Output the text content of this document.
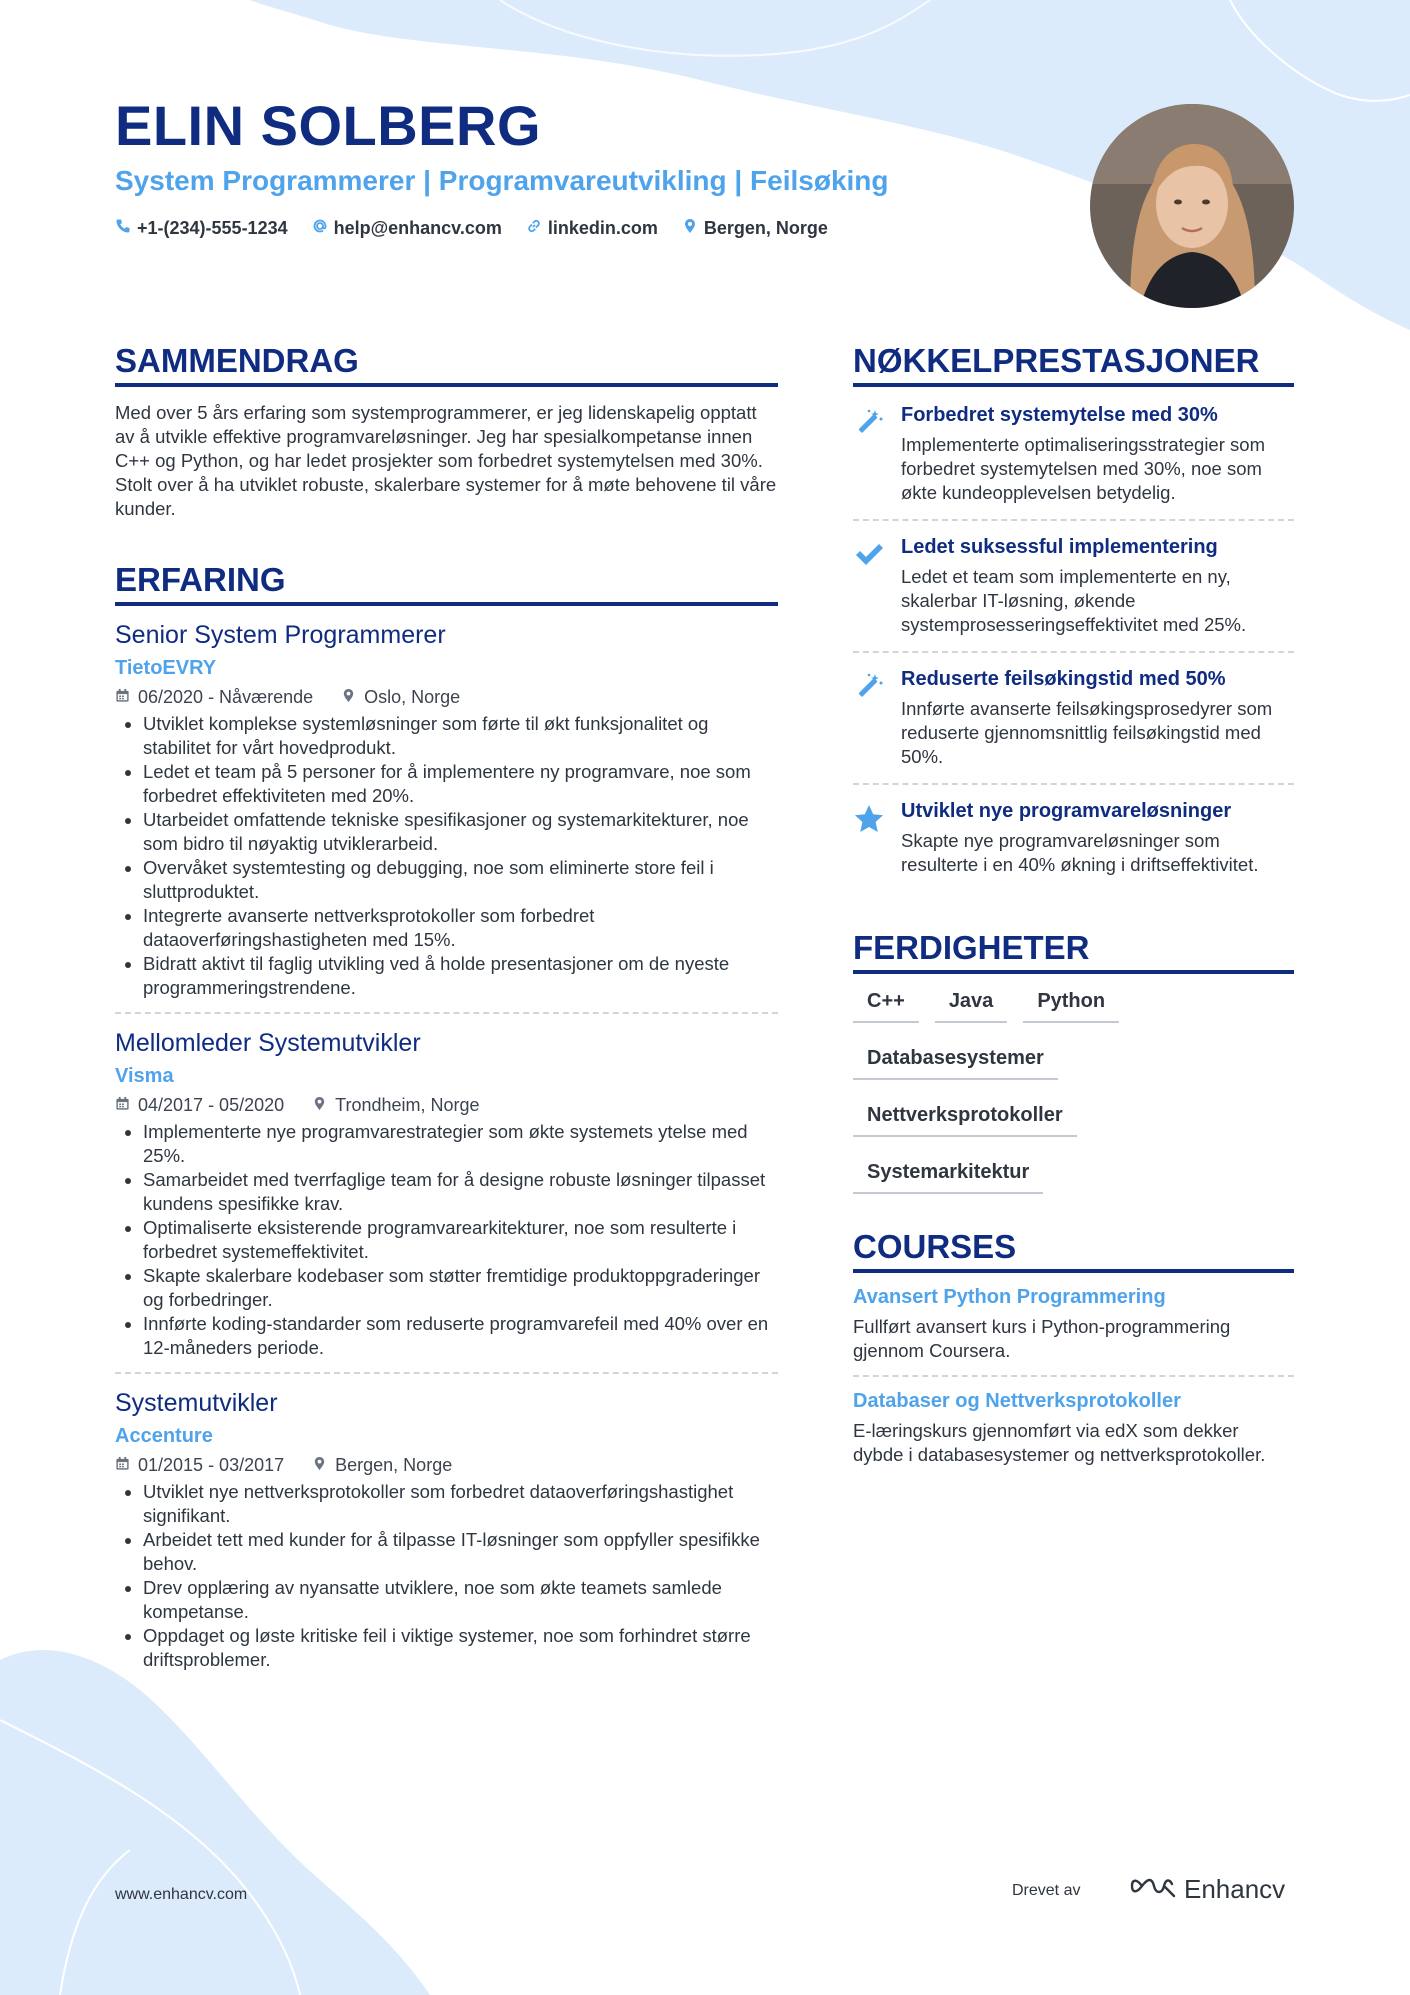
ELIN SOLBERG
System Programmerer | Programvareutvikling | Feilsøking
+1-(234)-555-1234	help@enhancv.com	linkedin.com	Bergen, Norge
SAMMENDRAG

Med over 5 års erfaring som systemprogrammerer, er jeg lidenskapelig opptatt av å utvikle effektive programvareløsninger. Jeg har spesialkompetanse innen C++ og Python, og har ledet prosjekter som forbedret systemytelsen med 30%. Stolt over å ha utviklet robuste, skalerbare systemer for å møte behovene til våre kunder.

ERFARING
Senior System Programmerer
TietoEVRY
06/2020 - Nåværende	Oslo, Norge
• Utviklet komplekse systemløsninger som førte til økt funksjonalitet og stabilitet for vårt hovedprodukt.
• Ledet et team på 5 personer for å implementere ny programvare, noe som forbedret effektiviteten med 20%.
• Utarbeidet omfattende tekniske spesifikasjoner og systemarkitekturer, noe som bidro til nøyaktig utviklerarbeid.
• Overvåket systemtesting og debugging, noe som eliminerte store feil i sluttproduktet.
• Integrerte avanserte nettverksprotokoller som forbedret dataoverføringshastigheten med 15%.
• Bidratt aktivt til faglig utvikling ved å holde presentasjoner om de nyeste programmeringstrendene.
Mellomleder Systemutvikler
Visma
04/2017 - 05/2020	Trondheim, Norge
• Implementerte nye programvarestrategier som økte systemets ytelse med 25%.
• Samarbeidet med tverrfaglige team for å designe robuste løsninger tilpasset kundens spesifikke krav.
• Optimaliserte eksisterende programvarearkitekturer, noe som resulterte i forbedret systemeffektivitet.
• Skapte skalerbare kodebaser som støtter fremtidige produktoppgraderinger og forbedringer.
• Innførte koding-standarder som reduserte programvarefeil med 40% over en 12-måneders periode.
Systemutvikler
Accenture
01/2015 - 03/2017	Bergen, Norge
• Utviklet nye nettverksprotokoller som forbedret dataoverføringshastighet signifikant.
• Arbeidet tett med kunder for å tilpasse IT-løsninger som oppfyller spesifikke behov.
• Drev opplæring av nyansatte utviklere, noe som økte teamets samlede kompetanse.
• Oppdaget og løste kritiske feil i viktige systemer, noe som forhindret større driftsproblemer.
NØKKELPRESTASJONER
Forbedret systemytelse med 30%
Implementerte optimaliseringsstrategier som forbedret systemytelsen med 30%, noe som økte kundeopplevelsen betydelig.
Ledet suksessful implementering
Ledet et team som implementerte en ny, skalerbar IT-løsning, økende systemprosesseringseffektivitet med 25%.
Reduserte feilsøkingstid med 50%
Innførte avanserte feilsøkingsprosedyrer som reduserte gjennomsnittlig feilsøkingstid med 50%.
Utviklet nye programvareløsninger
Skapte nye programvareløsninger som resulterte i en 40% økning i driftseffektivitet.
FERDIGHETER
C++	Java	Python
Databasesystemer
Nettverksprotokoller
Systemarkitektur
COURSES
Avansert Python Programmering
Fullført avansert kurs i Python-programmering gjennom Coursera.
Databaser og Nettverksprotokoller
E-læringskurs gjennomført via edX som dekker dybde i databasesystemer og nettverksprotokoller.
www.enhancv.com	Drevet av	Enhancv
